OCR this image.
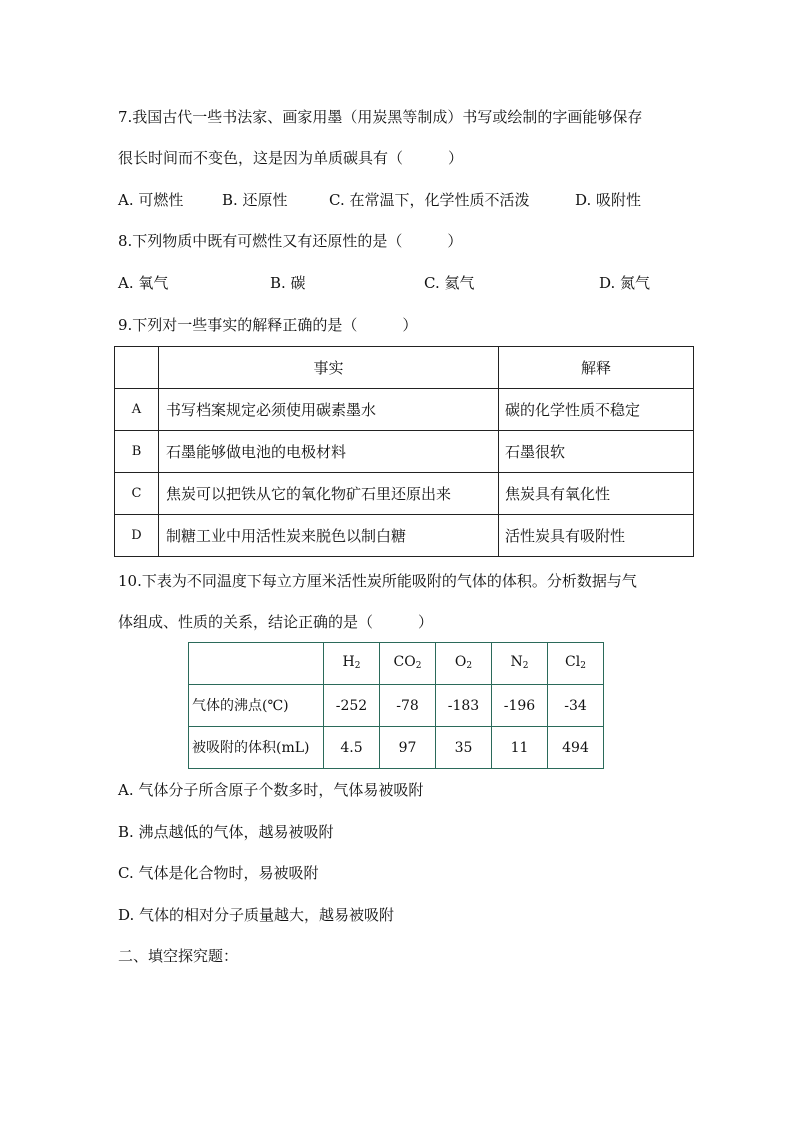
7.我国古代一些书法家、画家用墨（用炭黑等制成）书写或绘制的字画能够保存
很长时间而不变色，这是因为单质碳具有（　　　）
A. 可燃性	B. 还原性	C. 在常温下，化学性质不活泼	D. 吸附性
8.下列物质中既有可燃性又有还原性的是（　　　）
A. 氧气	B. 碳	C. 氦气	D. 氮气
9.下列对一些事实的解释正确的是（　　　）
	事实	解释
A	书写档案规定必须使用碳素墨水	碳的化学性质不稳定
B	石墨能够做电池的电极材料	石墨很软
C	焦炭可以把铁从它的氧化物矿石里还原出来	焦炭具有氧化性
D	制糖工业中用活性炭来脱色以制白糖	活性炭具有吸附性
10.下表为不同温度下每立方厘米活性炭所能吸附的气体的体积。分析数据与气
体组成、性质的关系，结论正确的是（　　　）
	$H_2$	$CO_2$	$O_2$	$N_2$	$Cl_2$
气体的沸点(℃)	-252	-78	-183	-196	-34
被吸附的体积(mL)	4.5	97	35	11	494
A. 气体分子所含原子个数多时，气体易被吸附
B. 沸点越低的气体，越易被吸附
C. 气体是化合物时，易被吸附
D. 气体的相对分子质量越大，越易被吸附
二、填空探究题：
